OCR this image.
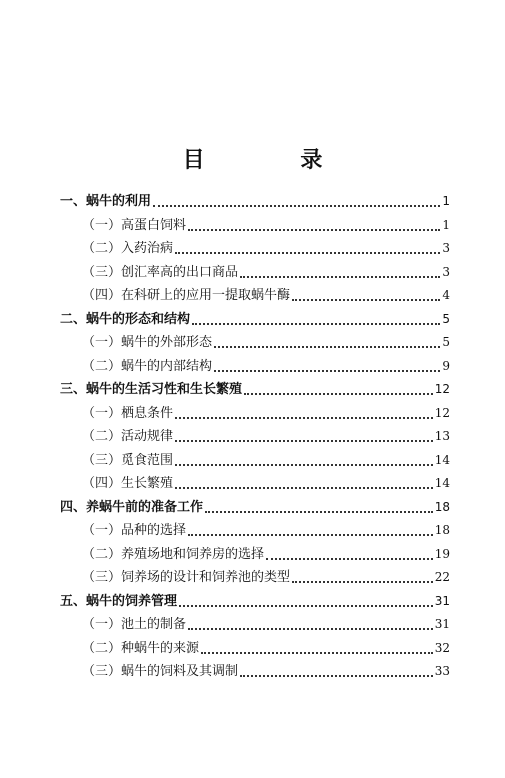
目 录
一、蜗牛的利用	1
（一）高蛋白饲料	1
（二）入药治病	3
（三）创汇率高的出口商品	3
（四）在科研上的应用一提取蜗牛酶	4
二、蜗牛的形态和结构	5
（一）蜗牛的外部形态	5
（二）蜗牛的内部结构	9
三、蜗牛的生活习性和生长繁殖	12
（一）栖息条件	12
（二）活动规律	13
（三）觅食范围	14
（四）生长繁殖	14
四、养蜗牛前的准备工作	18
（一）品种的选择	18
（二）养殖场地和饲养房的选择	19
（三）饲养场的设计和饲养池的类型	22
五、蜗牛的饲养管理	31
（一）池土的制备	31
（二）种蜗牛的来源	32
（三）蜗牛的饲料及其调制	33
